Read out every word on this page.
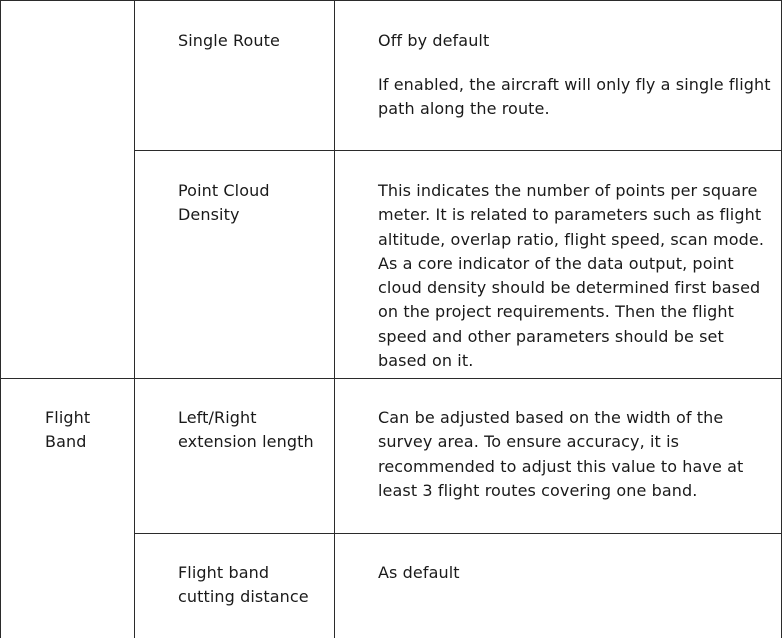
Single Route	Off by default

If enabled, the aircraft will only fly a single flight path along the route.

Point Cloud Density

This indicates the number of points per square meter. It is related to parameters such as flight altitude, overlap ratio, flight speed, scan mode. As a core indicator of the data output, point cloud density should be determined first based on the project requirements. Then the flight speed and other parameters should be set based on it.

Flight Band

Left/Right extension length

Can be adjusted based on the width of the survey area. To ensure accuracy, it is recommended to adjust this value to have at least 3 flight routes covering one band.

Flight band cutting distance

As default
